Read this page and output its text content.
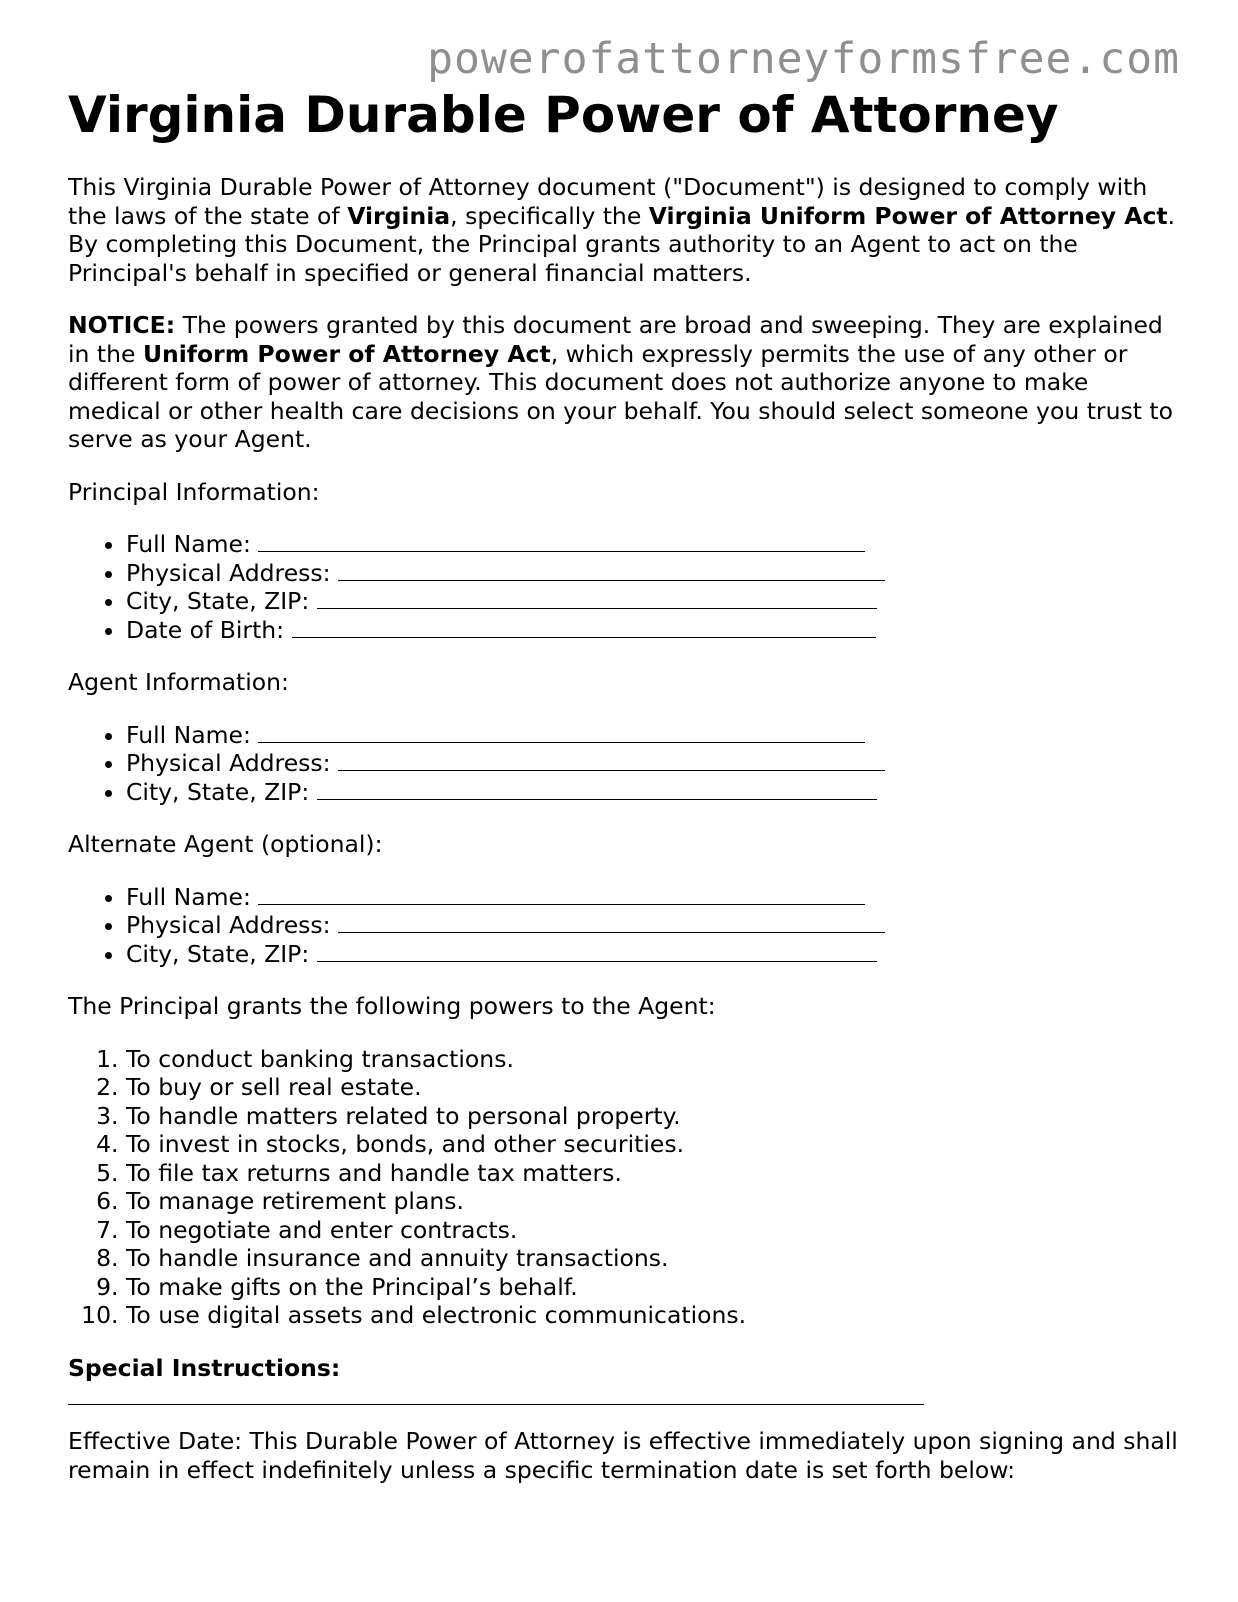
powerofattorneyformsfree.com
Virginia Durable Power of Attorney

This Virginia Durable Power of Attorney document ("Document") is designed to comply with the laws of the state of Virginia, specifically the Virginia Uniform Power of Attorney Act. By completing this Document, the Principal grants authority to an Agent to act on the Principal's behalf in specified or general financial matters.

NOTICE: The powers granted by this document are broad and sweeping. They are explained in the Uniform Power of Attorney Act, which expressly permits the use of any other or different form of power of attorney. This document does not authorize anyone to make medical or other health care decisions on your behalf. You should select someone you trust to serve as your Agent.

Principal Information:

• Full Name:
• Physical Address:
• City, State, ZIP:
• Date of Birth:

Agent Information:

• Full Name:
• Physical Address:
• City, State, ZIP:

Alternate Agent (optional):

• Full Name:
• Physical Address:
• City, State, ZIP:

The Principal grants the following powers to the Agent:

1. To conduct banking transactions.
2. To buy or sell real estate.
3. To handle matters related to personal property.
4. To invest in stocks, bonds, and other securities.
5. To file tax returns and handle tax matters.
6. To manage retirement plans.
7. To negotiate and enter contracts.
8. To handle insurance and annuity transactions.
9. To make gifts on the Principal’s behalf.
10. To use digital assets and electronic communications.

Special Instructions:

Effective Date: This Durable Power of Attorney is effective immediately upon signing and shall remain in effect indefinitely unless a specific termination date is set forth below:
